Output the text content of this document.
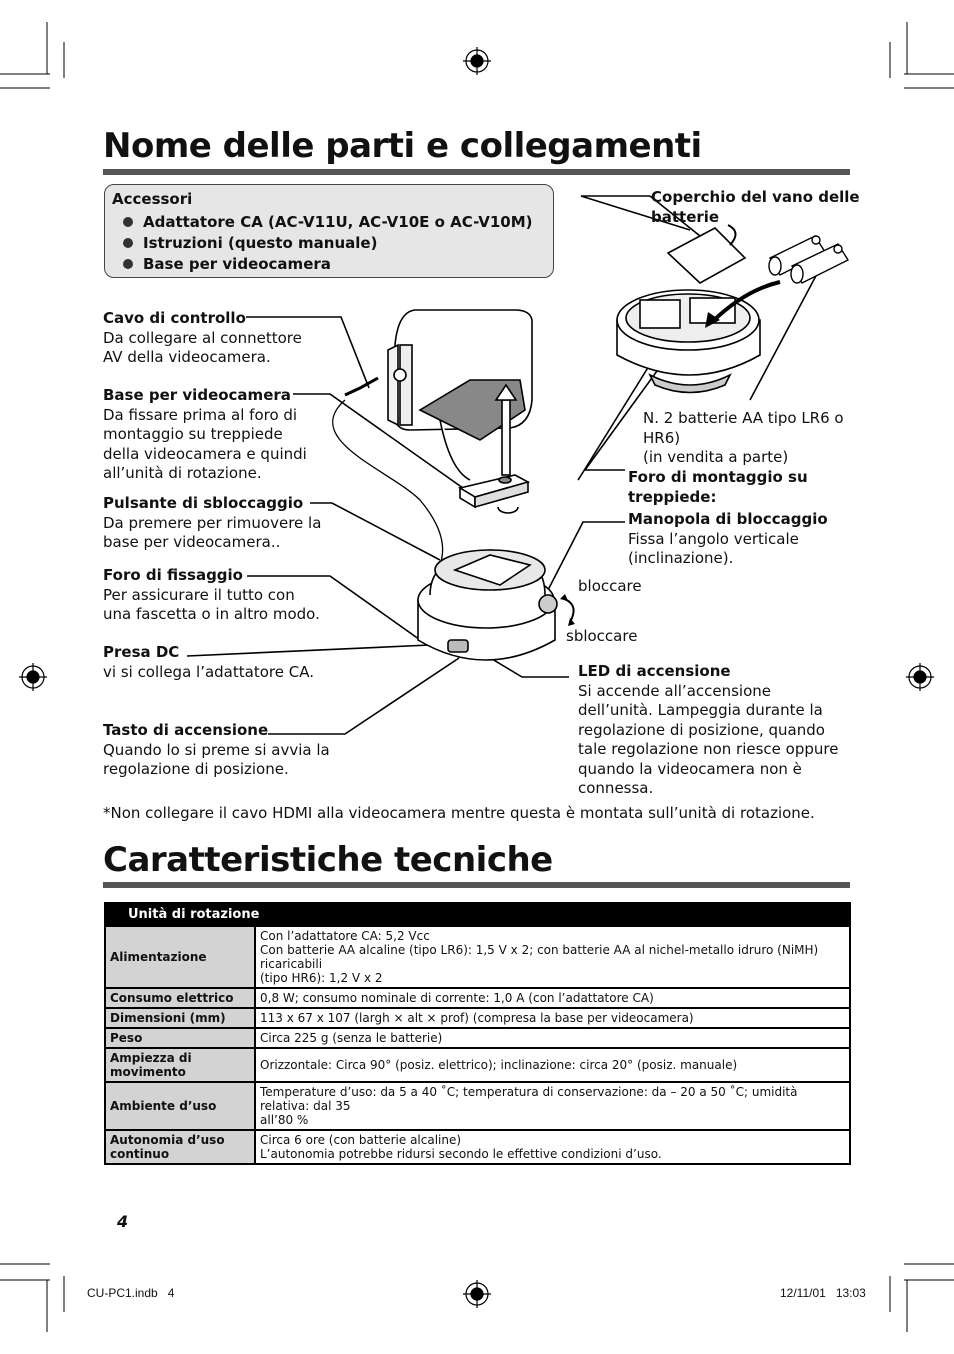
Nome delle parti e collegamenti
Accessori
Adattatore CA (AC-V11U, AC-V10E o AC-V10M)
Istruzioni (questo manuale)
Base per videocamera
Cavo di controllo
Da collegare al connettore
AV della videocamera.
Base per videocamera
Da fissare prima al foro di
montaggio su treppiede
della videocamera e quindi
all’unità di rotazione.
Pulsante di sbloccaggio
Da premere per rimuovere la
base per videocamera..
Foro di fissaggio
Per assicurare il tutto con
una fascetta o in altro modo.
Presa DC
vi si collega l’adattatore CA.
Tasto di accensione
Quando lo si preme si avvia la
regolazione di posizione.
Coperchio del vano delle
batterie
N. 2 batterie AA tipo LR6 o
HR6)
(in vendita a parte)
Foro di montaggio su
treppiede:
Manopola di bloccaggio
Fissa l’angolo verticale
(inclinazione).
bloccare
sbloccare
LED di accensione
Si accende all’accensione
dell’unità. Lampeggia durante la
regolazione di posizione, quando
tale regolazione non riesce oppure
quando la videocamera non è
connessa.
*Non collegare il cavo HDMI alla videocamera mentre questa è montata sull’unità di rotazione.
Caratteristiche tecniche
Unità di rotazione	
Alimentazione	Con l’adattatore CA: 5,2 Vcc
Con batterie AA alcaline (tipo LR6): 1,5 V x 2; con batterie AA al nichel-metallo idruro (NiMH) ricaricabili
(tipo HR6): 1,2 V x 2

Consumo elettrico	0,8 W; consumo nominale di corrente: 1,0 A (con l’adattatore CA)
Dimensioni (mm)	113 x 67 x 107 (largh × alt × prof) (compresa la base per videocamera)
Peso	Circa 225 g (senza le batterie)
Ampiezza di movimento	Orizzontale: Circa 90° (posiz. elettrico); inclinazione: circa 20° (posiz. manuale)
Ambiente d’uso	Temperature d’uso: da 5 a 40 ˚C; temperatura di conservazione: da – 20 a 50 ˚C; umidità relativa: dal 35
all’80 %

Autonomia d’uso continuo	Circa 6 ore (con batterie alcaline)
L’autonomia potrebbe ridursi secondo le effettive condizioni d’uso.
4
CU-PC1.indb   4	12/11/01   13:03
